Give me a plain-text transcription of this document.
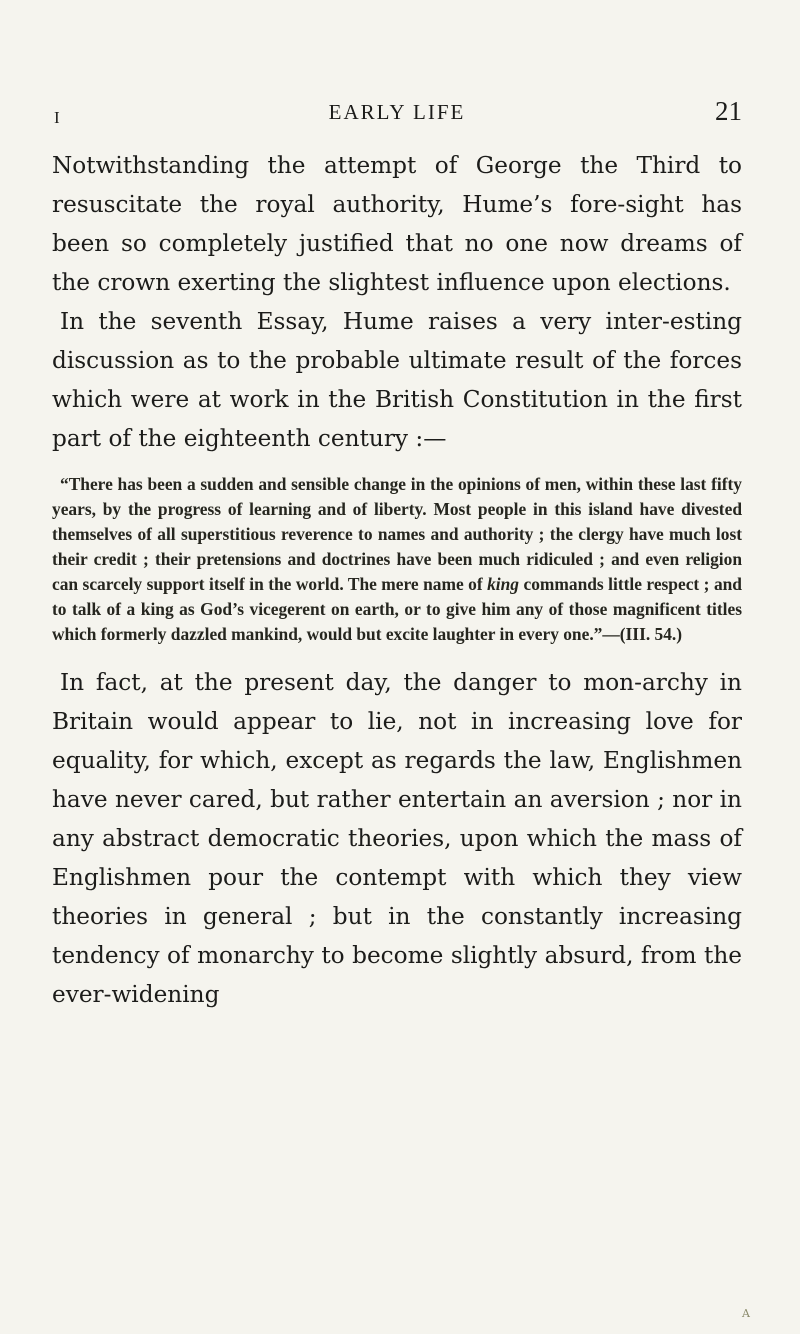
I	EARLY LIFE	21

Notwithstanding the attempt of George the Third to resuscitate the royal authority, Hume’s fore-sight has been so completely justified that no one now dreams of the crown exerting the slightest influence upon elections.

In the seventh Essay, Hume raises a very inter-esting discussion as to the probable ultimate result of the forces which were at work in the British Constitution in the first part of the eighteenth century :—

“There has been a sudden and sensible change in the opinions of men, within these last fifty years, by the progress of learning and of liberty. Most people in this island have divested themselves of all superstitious reverence to names and authority ; the clergy have much lost their credit ; their pretensions and doctrines have been much ridiculed ; and even religion can scarcely support itself in the world. The mere name of king commands little respect ; and to talk of a king as God’s vicegerent on earth, or to give him any of those magnificent titles which formerly dazzled mankind, would but excite laughter in every one.”—(III. 54.)

In fact, at the present day, the danger to mon-archy in Britain would appear to lie, not in increasing love for equality, for which, except as regards the law, Englishmen have never cared, but rather entertain an aversion ; nor in any abstract democratic theories, upon which the mass of Englishmen pour the contempt with which they view theories in general ; but in the constantly increasing tendency of monarchy to become slightly absurd, from the ever-widening

A
